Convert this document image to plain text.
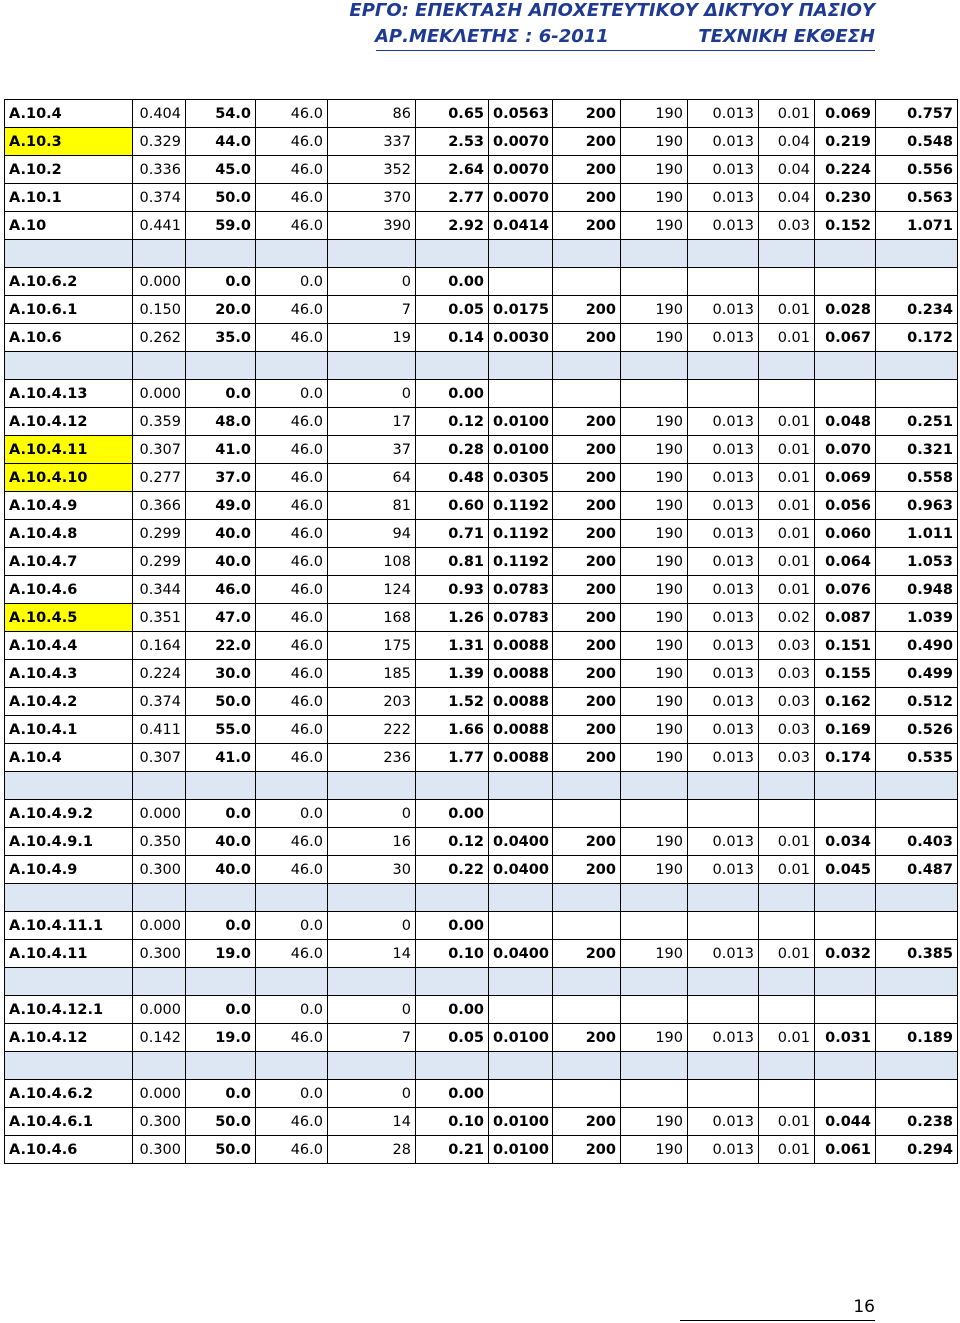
ΕΡΓΟ: ΕΠΕΚΤΑΣΗ ΑΠΟΧΕΤΕΥΤΙΚΟΥ ΔΙΚΤΥΟΥ ΠΑΣΙΟΥ
ΑΡ.ΜΕΚΛΕΤΗΣ : 6-2011	ΤΕΧΝΙΚΗ ΕΚΘΕΣΗ
A.10.4	0.404	54.0	46.0	86	0.65	0.0563	200	190	0.013	0.01	0.069	0.757
A.10.3	0.329	44.0	46.0	337	2.53	0.0070	200	190	0.013	0.04	0.219	0.548
A.10.2	0.336	45.0	46.0	352	2.64	0.0070	200	190	0.013	0.04	0.224	0.556
A.10.1	0.374	50.0	46.0	370	2.77	0.0070	200	190	0.013	0.04	0.230	0.563
A.10	0.441	59.0	46.0	390	2.92	0.0414	200	190	0.013	0.03	0.152	1.071

A.10.6.2	0.000	0.0	0.0	0	0.00							
A.10.6.1	0.150	20.0	46.0	7	0.05	0.0175	200	190	0.013	0.01	0.028	0.234
A.10.6	0.262	35.0	46.0	19	0.14	0.0030	200	190	0.013	0.01	0.067	0.172

A.10.4.13	0.000	0.0	0.0	0	0.00							
A.10.4.12	0.359	48.0	46.0	17	0.12	0.0100	200	190	0.013	0.01	0.048	0.251
A.10.4.11	0.307	41.0	46.0	37	0.28	0.0100	200	190	0.013	0.01	0.070	0.321
A.10.4.10	0.277	37.0	46.0	64	0.48	0.0305	200	190	0.013	0.01	0.069	0.558
A.10.4.9	0.366	49.0	46.0	81	0.60	0.1192	200	190	0.013	0.01	0.056	0.963
A.10.4.8	0.299	40.0	46.0	94	0.71	0.1192	200	190	0.013	0.01	0.060	1.011
A.10.4.7	0.299	40.0	46.0	108	0.81	0.1192	200	190	0.013	0.01	0.064	1.053
A.10.4.6	0.344	46.0	46.0	124	0.93	0.0783	200	190	0.013	0.01	0.076	0.948
A.10.4.5	0.351	47.0	46.0	168	1.26	0.0783	200	190	0.013	0.02	0.087	1.039
A.10.4.4	0.164	22.0	46.0	175	1.31	0.0088	200	190	0.013	0.03	0.151	0.490
A.10.4.3	0.224	30.0	46.0	185	1.39	0.0088	200	190	0.013	0.03	0.155	0.499
A.10.4.2	0.374	50.0	46.0	203	1.52	0.0088	200	190	0.013	0.03	0.162	0.512
A.10.4.1	0.411	55.0	46.0	222	1.66	0.0088	200	190	0.013	0.03	0.169	0.526
A.10.4	0.307	41.0	46.0	236	1.77	0.0088	200	190	0.013	0.03	0.174	0.535

A.10.4.9.2	0.000	0.0	0.0	0	0.00							
A.10.4.9.1	0.350	40.0	46.0	16	0.12	0.0400	200	190	0.013	0.01	0.034	0.403
A.10.4.9	0.300	40.0	46.0	30	0.22	0.0400	200	190	0.013	0.01	0.045	0.487

A.10.4.11.1	0.000	0.0	0.0	0	0.00							
A.10.4.11	0.300	19.0	46.0	14	0.10	0.0400	200	190	0.013	0.01	0.032	0.385

A.10.4.12.1	0.000	0.0	0.0	0	0.00							
A.10.4.12	0.142	19.0	46.0	7	0.05	0.0100	200	190	0.013	0.01	0.031	0.189

A.10.4.6.2	0.000	0.0	0.0	0	0.00							
A.10.4.6.1	0.300	50.0	46.0	14	0.10	0.0100	200	190	0.013	0.01	0.044	0.238
A.10.4.6	0.300	50.0	46.0	28	0.21	0.0100	200	190	0.013	0.01	0.061	0.294
16
